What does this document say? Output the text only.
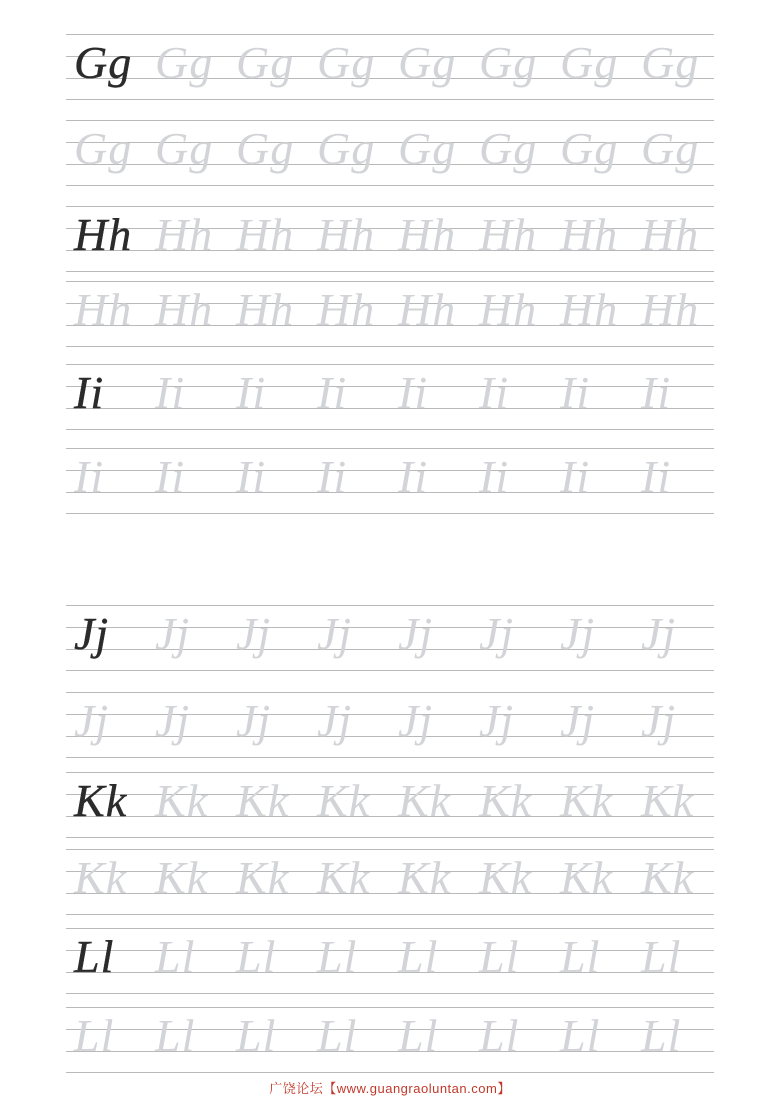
Gg Gg Gg Gg Gg Gg Gg Gg
Gg Gg Gg Gg Gg Gg Gg Gg
Hh Hh Hh Hh Hh Hh Hh Hh
Hh Hh Hh Hh Hh Hh Hh Hh
Ii Ii Ii Ii Ii Ii Ii Ii
Ii Ii Ii Ii Ii Ii Ii Ii
Jj Jj Jj Jj Jj Jj Jj Jj
Jj Jj Jj Jj Jj Jj Jj Jj
Kk Kk Kk Kk Kk Kk Kk Kk
Kk Kk Kk Kk Kk Kk Kk Kk
Ll Ll Ll Ll Ll Ll Ll Ll
Ll Ll Ll Ll Ll Ll Ll Ll
广饶论坛【www.guangraoluntan.com】
